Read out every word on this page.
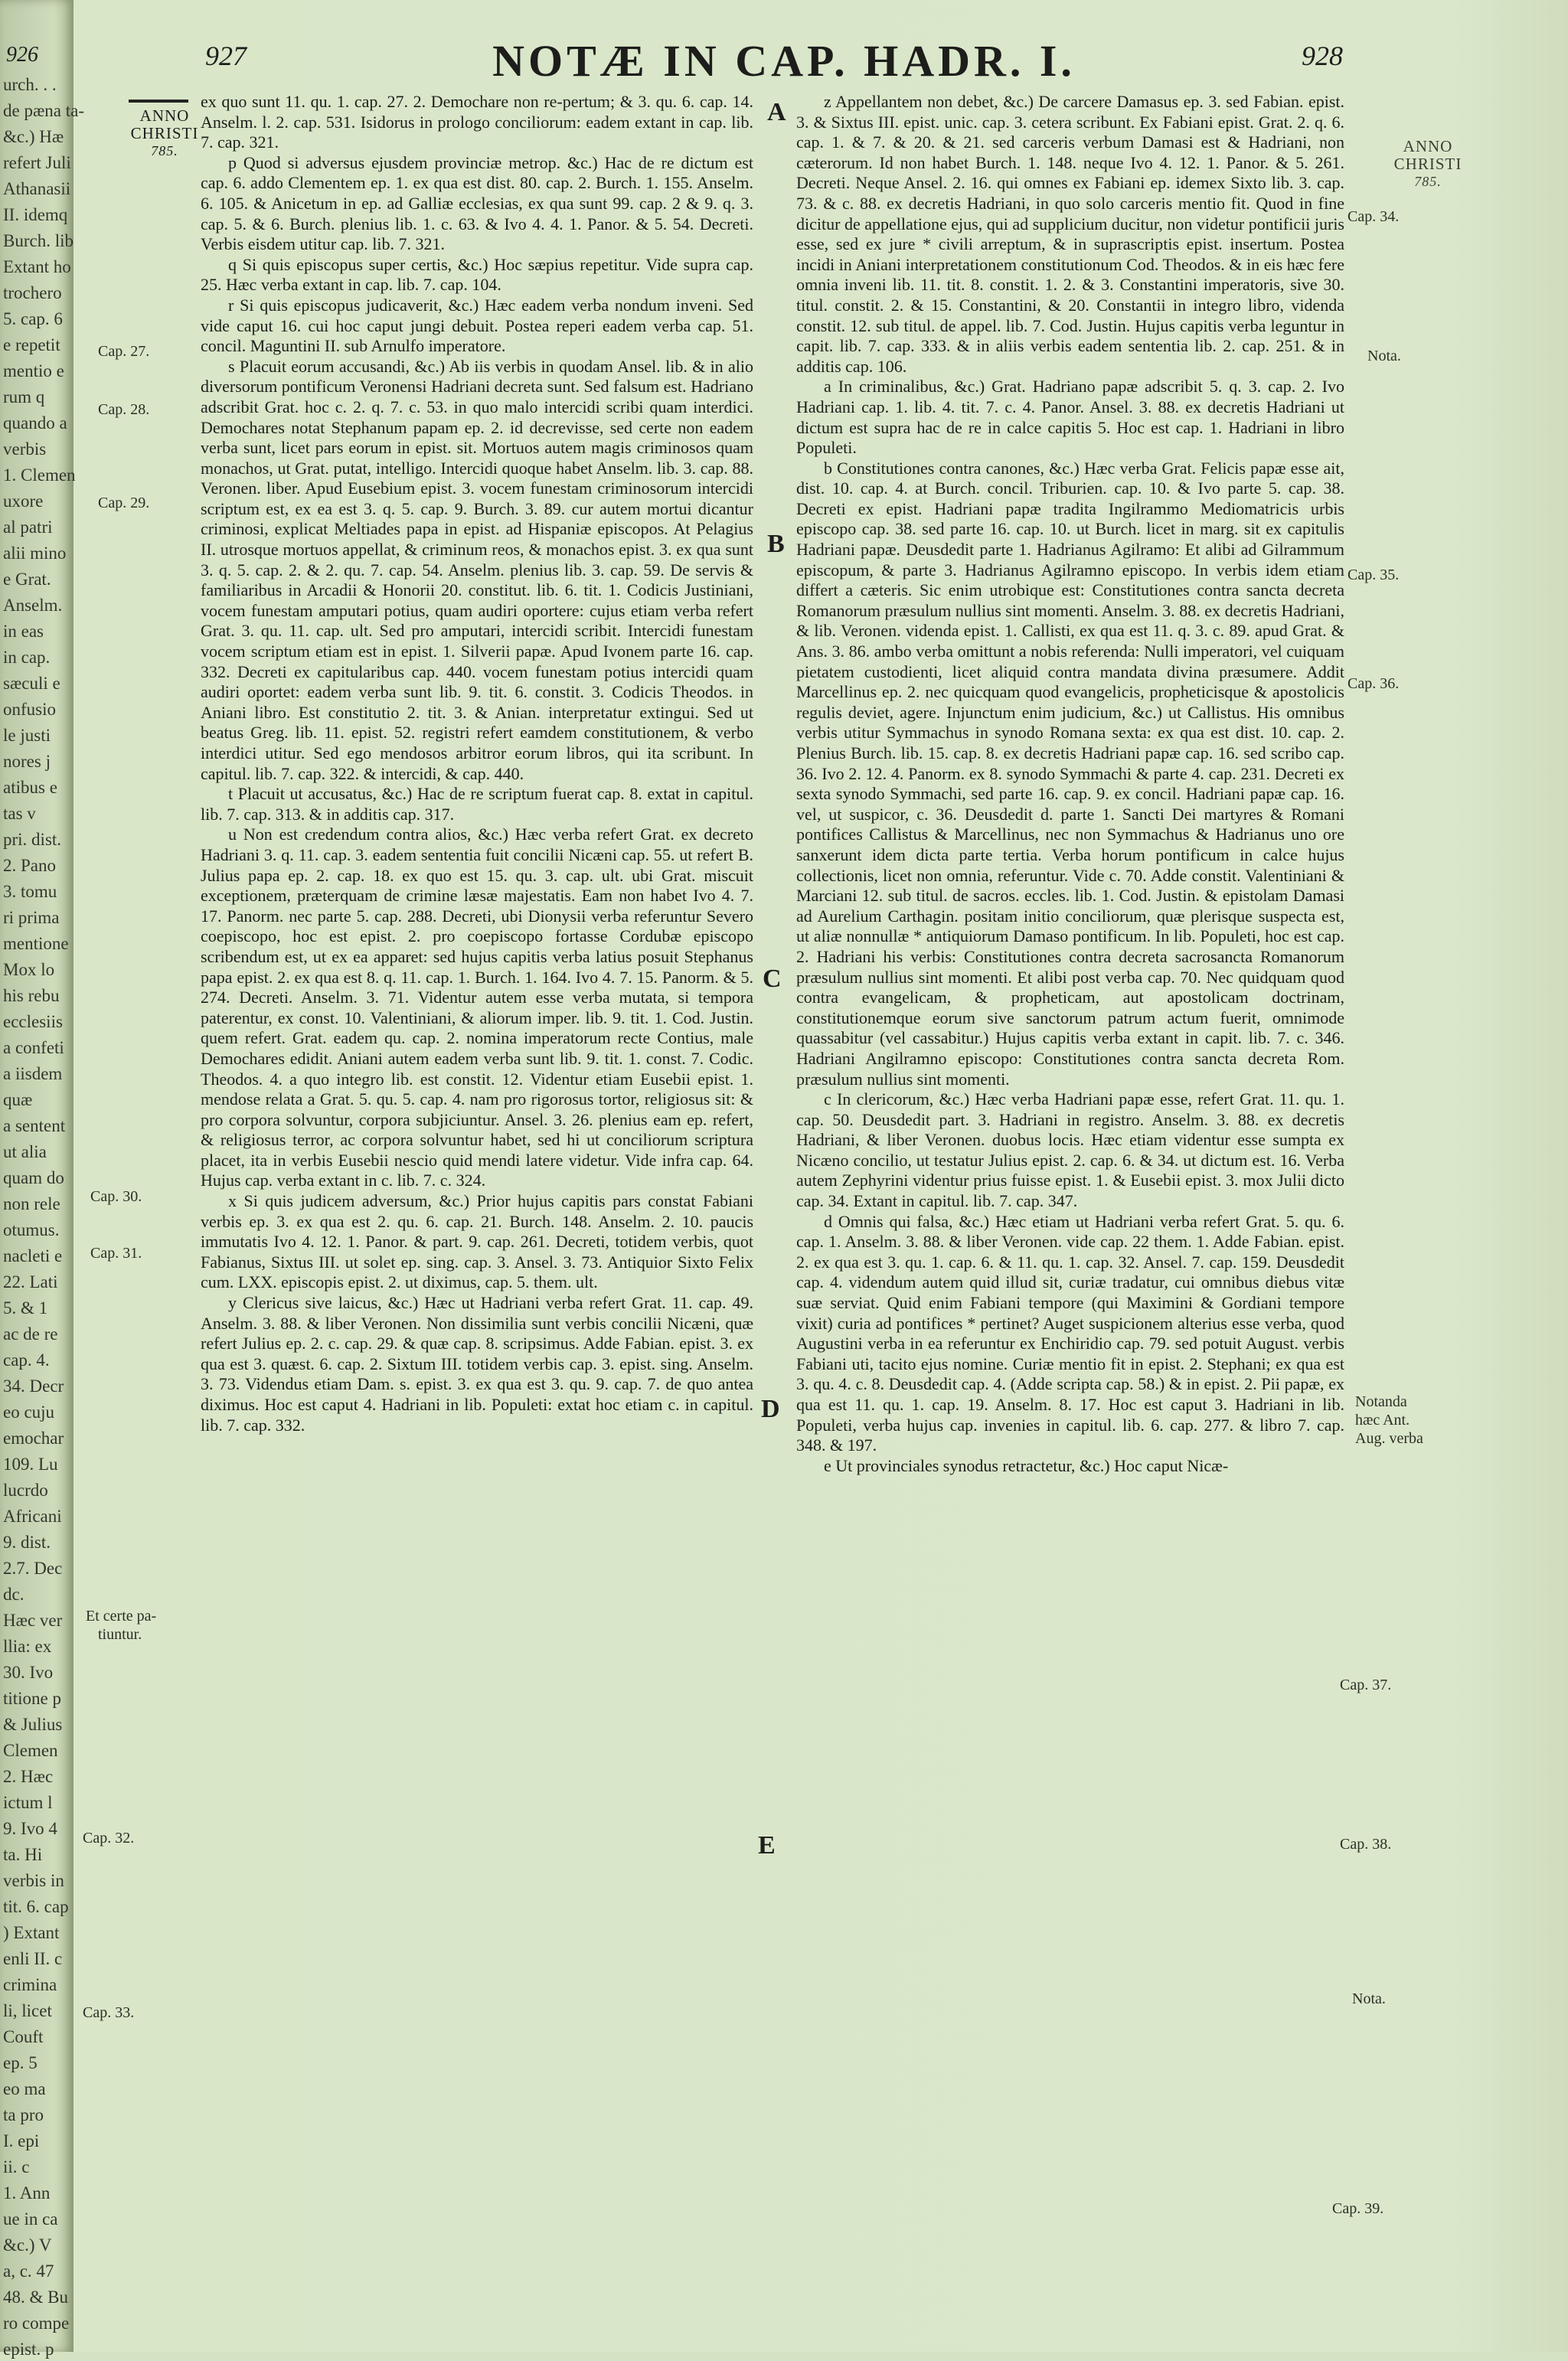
urch. . .
de pæna ta-
&c.) Hæ
refert Juli
Athanasii
II. idemq
Burch. lib
Extant ho
trochero
5. cap. 6
e repetit
mentio e
rum q
quando a
verbis
1. Clemen
uxore
al patri
alii mino
e Grat.
Anselm.
in eas
in cap.
sæculi e
onfusio
le justi
nores j
atibus e
tas v
pri. dist.
2. Pano
3. tomu
ri prima
mentione
Mox lo
his rebu
ecclesiis
a confeti
a iisdem
quæ
a sentent
ut alia
quam do
non rele
otumus.
nacleti e
22. Lati
5. & 1
ac de re
cap. 4.
34. Decr
eo cuju
emochar
109. Lu
lucrdo
Africani
9. dist.
2.7. Dec
dc.
Hæc ver
llia: ex
30. Ivo
titione p
& Julius
Clemen
2. Hæc
ictum l
9. Ivo 4
ta. Hi
verbis in
tit. 6. cap
) Extant
enli II. c
crimina
li, licet
Couft
ep. 5
eo ma
ta pro
I. epi
ii. c
1. Ann
ue in ca
&c.) V
a, c. 47
48. & Bu
ro compe
epist. p
926	927	NOTÆ IN CAP. HADR. I.	928
ANNO
CHRISTI
785.	ANNO
CHRISTI
785.
A
B
C
D
E
Cap. 27.
Cap. 28.
Cap. 29.
Cap. 30.
Cap. 31.
Et certe pa-
tiuntur.
Cap. 32.
Cap. 33.
Cap. 34.
Nota.
Cap. 35.
Cap. 36.
Notanda
hæc Ant.
Aug. verba
Cap. 37.
Cap. 38.
Nota.
Cap. 39.

ex quo sunt 11. qu. 1. cap. 27. 2. Demochare non re-pertum; & 3. qu. 6. cap. 14. Anselm. l. 2. cap. 531. Isidorus in prologo conciliorum: eadem extant in cap. lib. 7. cap. 321.

p Quod si adversus ejusdem provinciæ metrop. &c.) Hac de re dictum est cap. 6. addo Clementem ep. 1. ex qua est dist. 80. cap. 2. Burch. 1. 155. Anselm. 6. 105. & Anicetum in ep. ad Galliæ ecclesias, ex qua sunt 99. cap. 2 & 9. q. 3. cap. 5. & 6. Burch. plenius lib. 1. c. 63. & Ivo 4. 4. 1. Panor. & 5. 54. Decreti. Verbis eisdem utitur cap. lib. 7. 321.

q Si quis episcopus super certis, &c.) Hoc sæpius repetitur. Vide supra cap. 25. Hæc verba extant in cap. lib. 7. cap. 104.

r Si quis episcopus judicaverit, &c.) Hæc eadem verba nondum inveni. Sed vide caput 16. cui hoc caput jungi debuit. Postea reperi eadem verba cap. 51. concil. Maguntini II. sub Arnulfo imperatore.

s Placuit eorum accusandi, &c.) Ab iis verbis in quodam Ansel. lib. & in alio diversorum pontificum Veronensi Hadriani decreta sunt. Sed falsum est. Hadriano adscribit Grat. hoc c. 2. q. 7. c. 53. in quo malo intercidi scribi quam interdici. Demochares notat Stephanum papam ep. 2. id decrevisse, sed certe non eadem verba sunt, licet pars eorum in epist. sit. Mortuos autem magis criminosos quam monachos, ut Grat. putat, intelligo. Intercidi quoque habet Anselm. lib. 3. cap. 88. Veronen. liber. Apud Eusebium epist. 3. vocem funestam criminosorum intercidi scriptum est, ex ea est 3. q. 5. cap. 9. Burch. 3. 89. cur autem mortui dicantur criminosi, explicat Meltiades papa in epist. ad Hispaniæ episcopos. At Pelagius II. utrosque mortuos appellat, & criminum reos, & monachos epist. 3. ex qua sunt 3. q. 5. cap. 2. & 2. qu. 7. cap. 54. Anselm. plenius lib. 3. cap. 59. De servis & familiaribus in Arcadii & Honorii 20. constitut. lib. 6. tit. 1. Codicis Justiniani, vocem funestam amputari potius, quam audiri oportere: cujus etiam verba refert Grat. 3. qu. 11. cap. ult. Sed pro amputari, intercidi scribit. Intercidi funestam vocem scriptum etiam est in epist. 1. Silverii papæ. Apud Ivonem parte 16. cap. 332. Decreti ex capitularibus cap. 440. vocem funestam potius intercidi quam audiri oportet: eadem verba sunt lib. 9. tit. 6. constit. 3. Codicis Theodos. in Aniani libro. Est constitutio 2. tit. 3. & Anian. interpretatur extingui. Sed ut beatus Greg. lib. 11. epist. 52. registri refert eamdem constitutionem, & verbo interdici utitur. Sed ego mendosos arbitror eorum libros, qui ita scribunt. In capitul. lib. 7. cap. 322. & intercidi, & cap. 440.

t Placuit ut accusatus, &c.) Hac de re scriptum fuerat cap. 8. extat in capitul. lib. 7. cap. 313. & in additis cap. 317.

u Non est credendum contra alios, &c.) Hæc verba refert Grat. ex decreto Hadriani 3. q. 11. cap. 3. eadem sententia fuit concilii Nicæni cap. 55. ut refert B. Julius papa ep. 2. cap. 18. ex quo est 15. qu. 3. cap. ult. ubi Grat. miscuit exceptionem, præterquam de crimine læsæ majestatis. Eam non habet Ivo 4. 7. 17. Panorm. nec parte 5. cap. 288. Decreti, ubi Dionysii verba referuntur Severo coepiscopo, hoc est epist. 2. pro coepiscopo fortasse Cordubæ episcopo scribendum est, ut ex ea apparet: sed hujus capitis verba latius posuit Stephanus papa epist. 2. ex qua est 8. q. 11. cap. 1. Burch. 1. 164. Ivo 4. 7. 15. Panorm. & 5. 274. Decreti. Anselm. 3. 71. Videntur autem esse verba mutata, si tempora paterentur, ex const. 10. Valentiniani, & aliorum imper. lib. 9. tit. 1. Cod. Justin. quem refert. Grat. eadem qu. cap. 2. nomina imperatorum recte Contius, male Demochares edidit. Aniani autem eadem verba sunt lib. 9. tit. 1. const. 7. Codic. Theodos. 4. a quo integro lib. est constit. 12. Videntur etiam Eusebii epist. 1. mendose relata a Grat. 5. qu. 5. cap. 4. nam pro rigorosus tortor, religiosus sit: & pro corpora solvuntur, corpora subjiciuntur. Ansel. 3. 26. plenius eam ep. refert, & religiosus terror, ac corpora solvuntur habet, sed hi ut conciliorum scriptura placet, ita in verbis Eusebii nescio quid mendi latere videtur. Vide infra cap. 64. Hujus cap. verba extant in c. lib. 7. c. 324.

x Si quis judicem adversum, &c.) Prior hujus capitis pars constat Fabiani verbis ep. 3. ex qua est 2. qu. 6. cap. 21. Burch. 148. Anselm. 2. 10. paucis immutatis Ivo 4. 12. 1. Panor. & part. 9. cap. 261. Decreti, totidem verbis, quot Fabianus, Sixtus III. ut solet ep. sing. cap. 3. Ansel. 3. 73. Antiquior Sixto Felix cum. LXX. episcopis epist. 2. ut diximus, cap. 5. them. ult.

y Clericus sive laicus, &c.) Hæc ut Hadriani verba refert Grat. 11. cap. 49. Anselm. 3. 88. & liber Veronen. Non dissimilia sunt verbis concilii Nicæni, quæ refert Julius ep. 2. c. cap. 29. & quæ cap. 8. scripsimus. Adde Fabian. epist. 3. ex qua est 3. quæst. 6. cap. 2. Sixtum III. totidem verbis cap. 3. epist. sing. Anselm. 3. 73. Videndus etiam Dam. s. epist. 3. ex qua est 3. qu. 9. cap. 7. de quo antea diximus. Hoc est caput 4. Hadriani in lib. Populeti: extat hoc etiam c. in capitul. lib. 7. cap. 332.

z Appellantem non debet, &c.) De carcere Damasus ep. 3. sed Fabian. epist. 3. & Sixtus III. epist. unic. cap. 3. cetera scribunt. Ex Fabiani epist. Grat. 2. q. 6. cap. 1. & 7. & 20. & 21. sed carceris verbum Damasi est & Hadriani, non cæterorum. Id non habet Burch. 1. 148. neque Ivo 4. 12. 1. Panor. & 5. 261. Decreti. Neque Ansel. 2. 16. qui omnes ex Fabiani ep. idemex Sixto lib. 3. cap. 73. & c. 88. ex decretis Hadriani, in quo solo carceris mentio fit. Quod in fine dicitur de appellatione ejus, qui ad supplicium ducitur, non videtur pontificii juris esse, sed ex jure * civili arreptum, & in suprascriptis epist. insertum. Postea incidi in Aniani interpretationem constitutionum Cod. Theodos. & in eis hæc fere omnia inveni lib. 11. tit. 8. constit. 1. 2. & 3. Constantini imperatoris, sive 30. titul. constit. 2. & 15. Constantini, & 20. Constantii in integro libro, videnda constit. 12. sub titul. de appel. lib. 7. Cod. Justin. Hujus capitis verba leguntur in capit. lib. 7. cap. 333. & in aliis verbis eadem sententia lib. 2. cap. 251. & in additis cap. 106.

a In criminalibus, &c.) Grat. Hadriano papæ adscribit 5. q. 3. cap. 2. Ivo Hadriani cap. 1. lib. 4. tit. 7. c. 4. Panor. Ansel. 3. 88. ex decretis Hadriani ut dictum est supra hac de re in calce capitis 5. Hoc est cap. 1. Hadriani in libro Populeti.

b Constitutiones contra canones, &c.) Hæc verba Grat. Felicis papæ esse ait, dist. 10. cap. 4. at Burch. concil. Triburien. cap. 10. & Ivo parte 5. cap. 38. Decreti ex epist. Hadriani papæ tradita Ingilrammo Mediomatricis urbis episcopo cap. 38. sed parte 16. cap. 10. ut Burch. licet in marg. sit ex capitulis Hadriani papæ. Deusdedit parte 1. Hadrianus Agilramo: Et alibi ad Gilrammum episcopum, & parte 3. Hadrianus Agilramno episcopo. In verbis idem etiam differt a cæteris. Sic enim utrobique est: Constitutiones contra sancta decreta Romanorum præsulum nullius sint momenti. Anselm. 3. 88. ex decretis Hadriani, & lib. Veronen. videnda epist. 1. Callisti, ex qua est 11. q. 3. c. 89. apud Grat. & Ans. 3. 86. ambo verba omittunt a nobis referenda: Nulli imperatori, vel cuiquam pietatem custodienti, licet aliquid contra mandata divina præsumere. Addit Marcellinus ep. 2. nec quicquam quod evangelicis, propheticisque & apostolicis regulis deviet, agere. Injunctum enim judicium, &c.) ut Callistus. His omnibus verbis utitur Symmachus in synodo Romana sexta: ex qua est dist. 10. cap. 2. Plenius Burch. lib. 15. cap. 8. ex decretis Hadriani papæ cap. 16. sed scribo cap. 36. Ivo 2. 12. 4. Panorm. ex 8. synodo Symmachi & parte 4. cap. 231. Decreti ex sexta synodo Symmachi, sed parte 16. cap. 9. ex concil. Hadriani papæ cap. 16. vel, ut suspicor, c. 36. Deusdedit d. parte 1. Sancti Dei martyres & Romani pontifices Callistus & Marcellinus, nec non Symmachus & Hadrianus uno ore sanxerunt idem dicta parte tertia. Verba horum pontificum in calce hujus collectionis, licet non omnia, referuntur. Vide c. 70. Adde constit. Valentiniani & Marciani 12. sub titul. de sacros. eccles. lib. 1. Cod. Justin. & epistolam Damasi ad Aurelium Carthagin. positam initio conciliorum, quæ plerisque suspecta est, ut aliæ nonnullæ * antiquiorum Damaso pontificum. In lib. Populeti, hoc est cap. 2. Hadriani his verbis: Constitutiones contra decreta sacrosancta Romanorum præsulum nullius sint momenti. Et alibi post verba cap. 70. Nec quidquam quod contra evangelicam, & propheticam, aut apostolicam doctrinam, constitutionemque eorum sive sanctorum patrum actum fuerit, omnimode quassabitur (vel cassabitur.) Hujus capitis verba extant in capit. lib. 7. c. 346. Hadriani Angilramno episcopo: Constitutiones contra sancta decreta Rom. præsulum nullius sint momenti.

c In clericorum, &c.) Hæc verba Hadriani papæ esse, refert Grat. 11. qu. 1. cap. 50. Deusdedit part. 3. Hadriani in registro. Anselm. 3. 88. ex decretis Hadriani, & liber Veronen. duobus locis. Hæc etiam videntur esse sumpta ex Nicæno concilio, ut testatur Julius epist. 2. cap. 6. & 34. ut dictum est. 16. Verba autem Zephyrini videntur prius fuisse epist. 1. & Eusebii epist. 3. mox Julii dicto cap. 34. Extant in capitul. lib. 7. cap. 347.

d Omnis qui falsa, &c.) Hæc etiam ut Hadriani verba refert Grat. 5. qu. 6. cap. 1. Anselm. 3. 88. & liber Veronen. vide cap. 22 them. 1. Adde Fabian. epist. 2. ex qua est 3. qu. 1. cap. 6. & 11. qu. 1. cap. 32. Ansel. 7. cap. 159. Deusdedit cap. 4. videndum autem quid illud sit, curiæ tradatur, cui omnibus diebus vitæ suæ serviat. Quid enim Fabiani tempore (qui Maximini & Gordiani tempore vixit) curia ad pontifices * pertinet? Auget suspicionem alterius esse verba, quod Augustini verba in ea referuntur ex Enchiridio cap. 79. sed potuit August. verbis Fabiani uti, tacito ejus nomine. Curiæ mentio fit in epist. 2. Stephani; ex qua est 3. qu. 4. c. 8. Deusdedit cap. 4. (Adde scripta cap. 58.) & in epist. 2. Pii papæ, ex qua est 11. qu. 1. cap. 19. Anselm. 8. 17. Hoc est caput 3. Hadriani in lib. Populeti, verba hujus cap. invenies in capitul. lib. 6. cap. 277. & libro 7. cap. 348. & 197.

e Ut provinciales synodus retractetur, &c.) Hoc caput Nicæ-
